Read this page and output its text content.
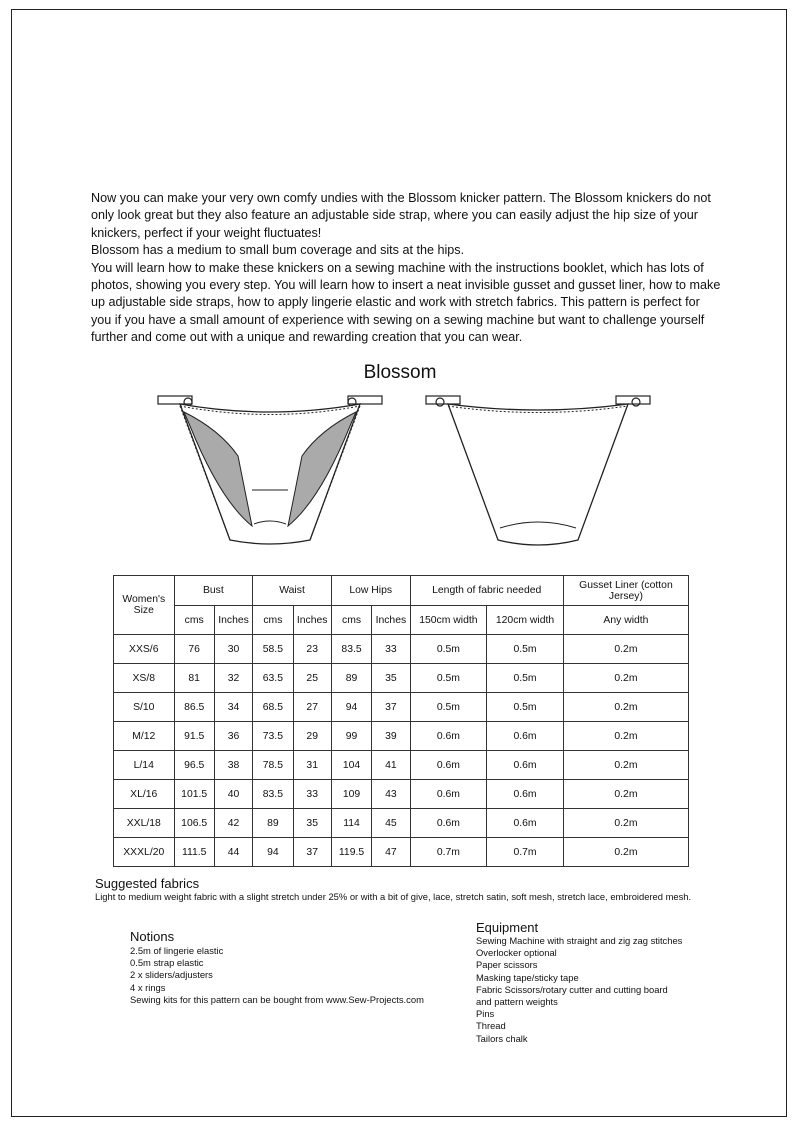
Now you can make your very own comfy undies with the Blossom knicker pattern. The Blossom knickers do not only look great but they also feature an adjustable side strap, where you can easily adjust the hip size of your knickers, perfect if your weight fluctuates!

Blossom has a medium to small bum coverage and sits at the hips.

You will learn how to make these knickers on a sewing machine with the instructions booklet, which has lots of photos, showing you every step. You will learn how to insert a neat invisible gusset and gusset liner, how to make up adjustable side straps, how to apply lingerie elastic and work with stretch fabrics. This pattern is perfect for you if you have a small amount of experience with sewing on a sewing machine but want to challenge yourself further and come out with a unique and rewarding creation that you can wear.

Blossom
Women's Size	Bust		Waist		Low Hips		Length of fabric needed		Gusset Liner (cotton Jersey)
	cms	Inches	cms	Inches	cms	Inches	150cm width	120cm width	Any width
XXS/6	76	30	58.5	23	83.5	33	0.5m	0.5m	0.2m
XS/8	81	32	63.5	25	89	35	0.5m	0.5m	0.2m
S/10	86.5	34	68.5	27	94	37	0.5m	0.5m	0.2m
M/12	91.5	36	73.5	29	99	39	0.6m	0.6m	0.2m
L/14	96.5	38	78.5	31	104	41	0.6m	0.6m	0.2m
XL/16	101.5	40	83.5	33	109	43	0.6m	0.6m	0.2m
XXL/18	106.5	42	89	35	114	45	0.6m	0.6m	0.2m
XXXL/20	111.5	44	94	37	119.5	47	0.7m	0.7m	0.2m
Suggested fabrics
Light to medium weight fabric with a slight stretch under 25% or with a bit of give, lace, stretch satin, soft mesh, stretch lace, embroidered mesh.
Notions
2.5m of lingerie elastic
0.5m strap elastic
2 x sliders/adjusters
4 x rings
Sewing kits for this pattern can be bought from www.Sew-Projects.com
Equipment
Sewing Machine with straight and zig zag stitches
Overlocker optional
Paper scissors
Masking tape/sticky tape
Fabric Scissors/rotary cutter and cutting board
and pattern weights
Pins
Thread
Tailors chalk
